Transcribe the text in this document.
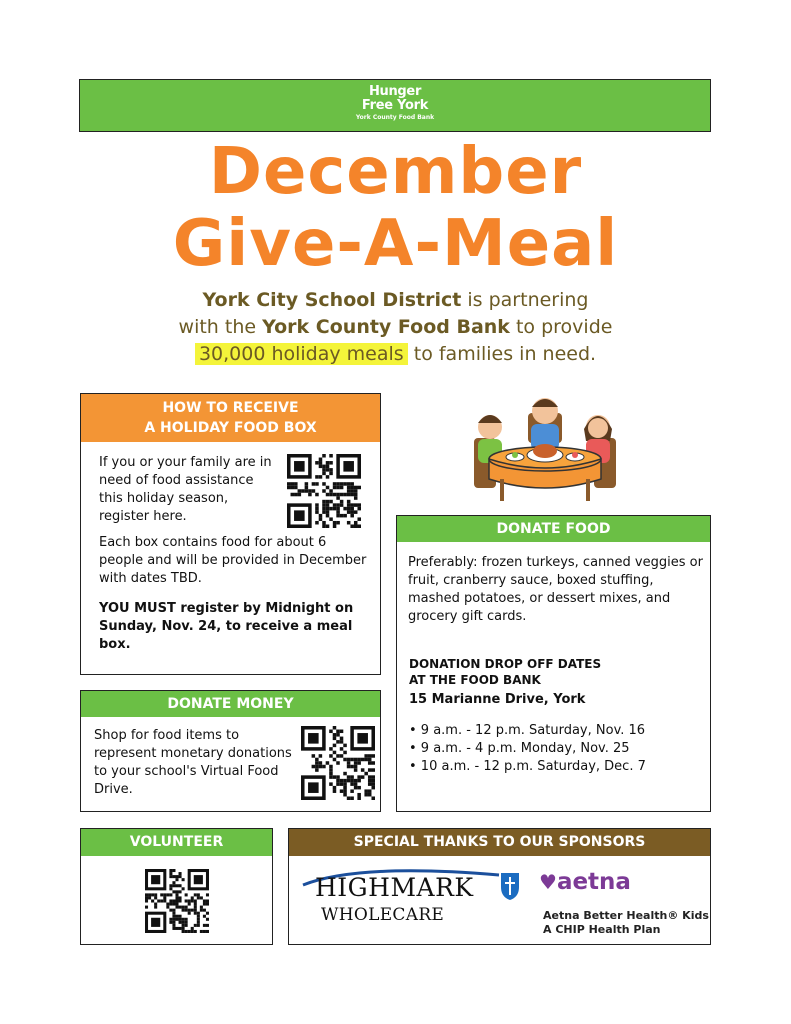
Hunger
Free York
York County Food Bank
December
Give-A-Meal
York City School District is partnering
with the York County Food Bank to provide
30,000 holiday meals to families in need.
HOW TO RECEIVE
A HOLIDAY FOOD BOX
If you or your family are in need of food assistance this holiday season, register here.
Each box contains food for about 6 people and will be provided in December with dates TBD.
YOU MUST register by Midnight on Sunday, Nov. 24, to receive a meal box.
DONATE MONEY
Shop for food items to represent monetary donations to your school's Virtual Food Drive.
DONATE FOOD
Preferably: frozen turkeys, canned veggies or fruit, cranberry sauce, boxed stuffing, mashed potatoes, or dessert mixes, and grocery gift cards.
DONATION DROP OFF DATES
AT THE FOOD BANK
15 Marianne Drive, York
• 9 a.m. - 12 p.m. Saturday, Nov. 16
• 9 a.m. - 4 p.m. Monday, Nov. 25
• 10 a.m. - 12 p.m. Saturday, Dec. 7
VOLUNTEER	SPECIAL THANKS TO OUR SPONSORS
HIGHMARK
WHOLECARE
♥aetna
Aetna Better Health® Kids
A CHIP Health Plan
